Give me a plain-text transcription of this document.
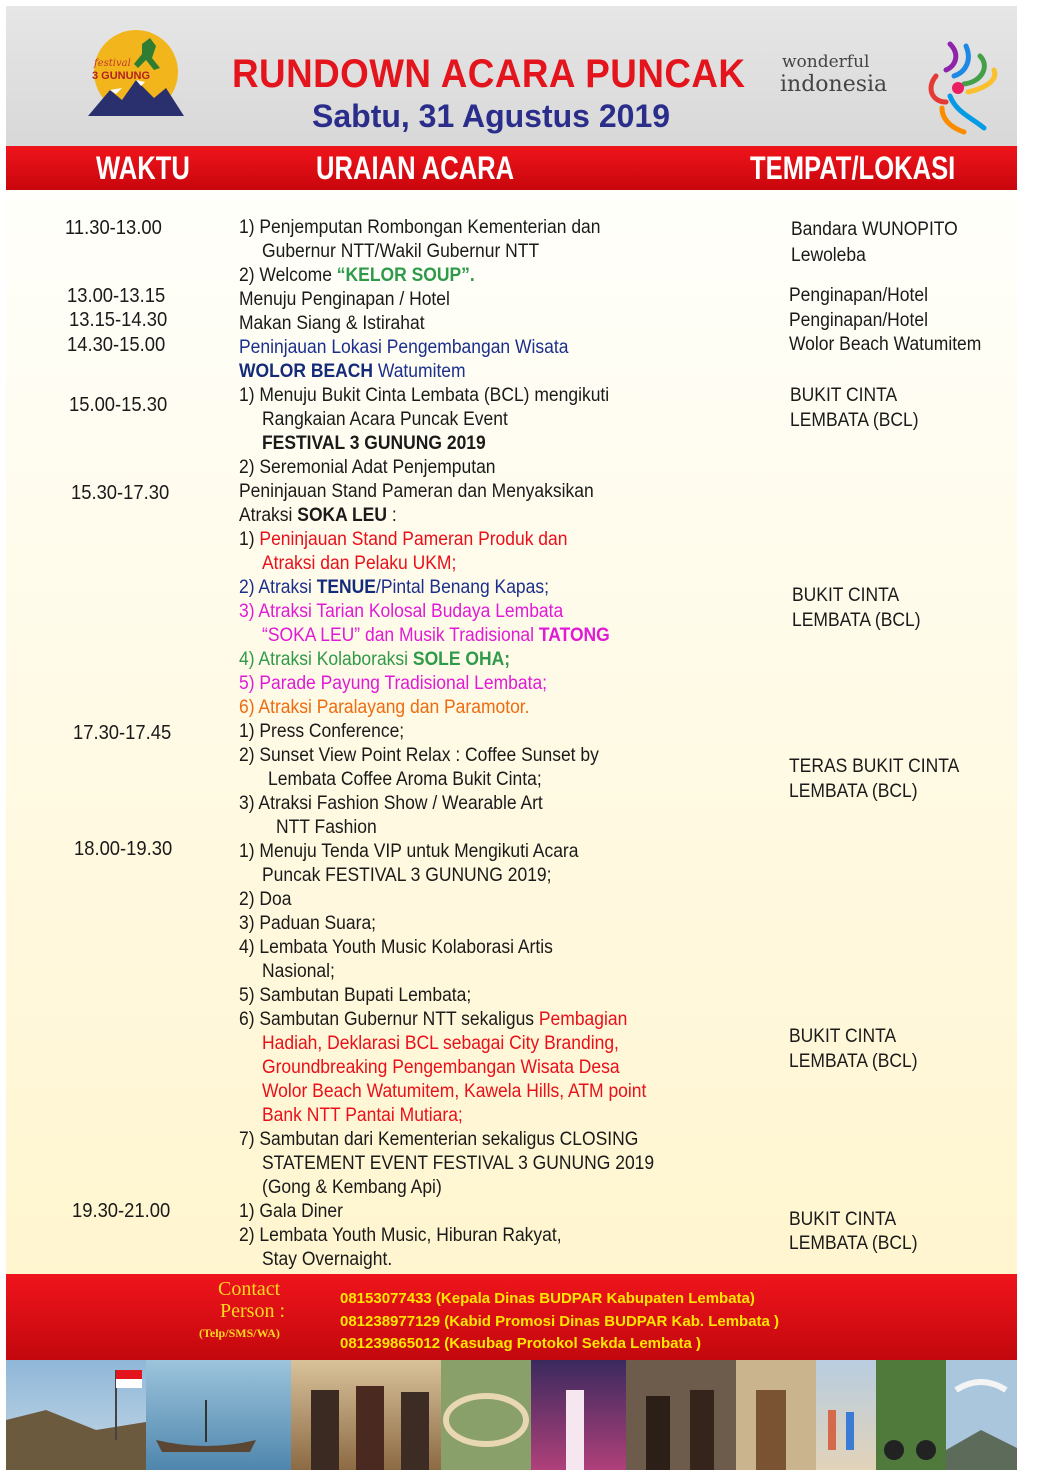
festival
3 GUNUNG RUNDOWN ACARA PUNCAK
Sabtu, 31 Agustus 2019
wonderful
indonesia
WAKTU	URAIAN ACARA	TEMPAT/LOKASI
11.30-13.00
13.00-13.15
13.15-14.30
14.30-15.00
15.00-15.30
15.30-17.30
17.30-17.45
18.00-19.30
19.30-21.00
1) Penjemputan Rombongan Kementerian dan
Gubernur NTT/Wakil Gubernur NTT
2) Welcome “KELOR SOUP”.
Menuju Penginapan / Hotel
Makan Siang & Istirahat
Peninjauan Lokasi Pengembangan Wisata
WOLOR BEACH Watumitem
1) Menuju Bukit Cinta Lembata (BCL) mengikuti
Rangkaian Acara Puncak Event
FESTIVAL 3 GUNUNG 2019
2) Seremonial Adat Penjemputan
Peninjauan Stand Pameran dan Menyaksikan
Atraksi SOKA LEU :
1) Peninjauan Stand Pameran Produk dan
Atraksi dan Pelaku UKM;
2) Atraksi TENUE/Pintal Benang Kapas;
3) Atraksi Tarian Kolosal Budaya Lembata
“SOKA LEU” dan Musik Tradisional TATONG
4) Atraksi Kolaboraksi SOLE OHA;
5) Parade Payung Tradisional Lembata;
6) Atraksi Paralayang dan Paramotor.
1) Press Conference;
2) Sunset View Point Relax : Coffee Sunset by
Lembata Coffee Aroma Bukit Cinta;
3) Atraksi Fashion Show / Wearable Art
NTT Fashion
1) Menuju Tenda VIP untuk Mengikuti Acara
Puncak FESTIVAL 3 GUNUNG 2019;
2) Doa
3) Paduan Suara;
4) Lembata Youth Music Kolaborasi Artis
Nasional;
5) Sambutan Bupati Lembata;
6) Sambutan Gubernur NTT sekaligus Pembagian
Hadiah, Deklarasi BCL sebagai City Branding,
Groundbreaking Pengembangan Wisata Desa
Wolor Beach Watumitem, Kawela Hills, ATM point
Bank NTT Pantai Mutiara;
7) Sambutan dari Kementerian sekaligus CLOSING
STATEMENT EVENT FESTIVAL 3 GUNUNG 2019
(Gong & Kembang Api)
1) Gala Diner
2) Lembata Youth Music, Hiburan Rakyat,
Stay Overnaight.
Bandara WUNOPITO
Lewoleba
Penginapan/Hotel
Penginapan/Hotel
Wolor Beach Watumitem
BUKIT CINTA
LEMBATA (BCL)
BUKIT CINTA
LEMBATA (BCL)
TERAS BUKIT CINTA
LEMBATA (BCL)
BUKIT CINTA
LEMBATA (BCL)
BUKIT CINTA
LEMBATA (BCL)
Contact
Person :
(Telp/SMS/WA)
08153077433 (Kepala Dinas BUDPAR Kabupaten Lembata)
081238977129 (Kabid Promosi Dinas BUDPAR Kab. Lembata )
081239865012 (Kasubag Protokol Sekda Lembata )
